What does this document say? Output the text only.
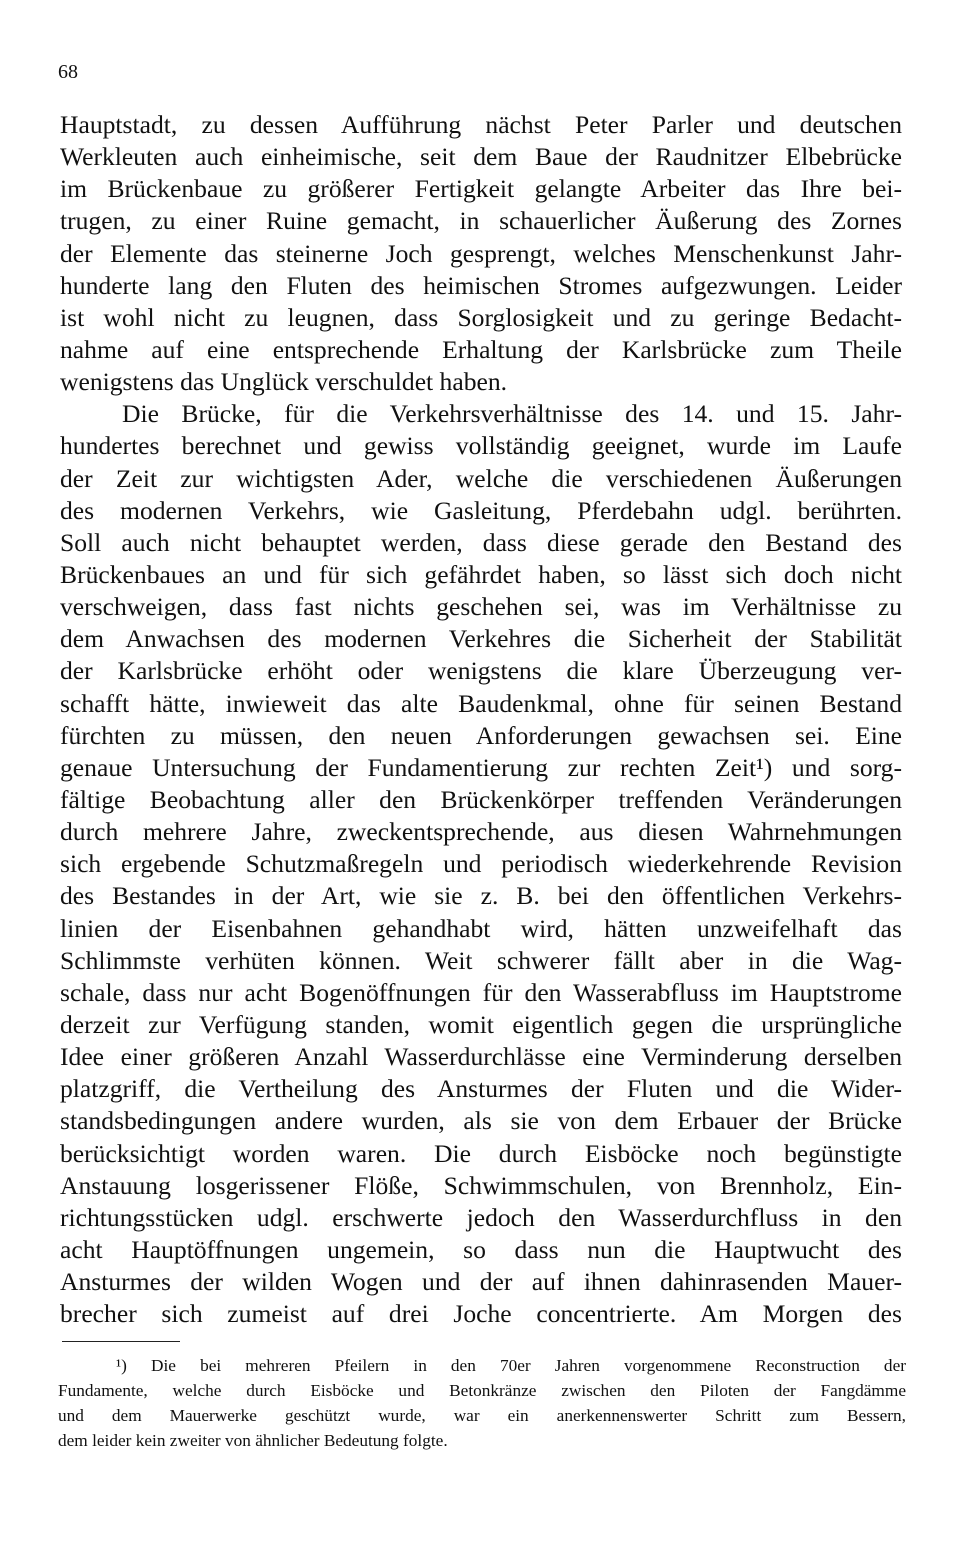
68
Hauptstadt, zu dessen Aufführung nächst Peter Parler und deutschen
Werkleuten auch einheimische, seit dem Baue der Raudnitzer Elbebrücke
im Brückenbaue zu größerer Fertigkeit gelangte Arbeiter das Ihre bei-
trugen, zu einer Ruine gemacht, in schauerlicher Äußerung des Zornes
der Elemente das steinerne Joch gesprengt, welches Menschenkunst Jahr-
hunderte lang den Fluten des heimischen Stromes aufgezwungen. Leider
ist wohl nicht zu leugnen, dass Sorglosigkeit und zu geringe Bedacht-
nahme auf eine entsprechende Erhaltung der Karlsbrücke zum Theile
wenigstens das Unglück verschuldet haben.
Die Brücke, für die Verkehrsverhältnisse des 14. und 15. Jahr-
hundertes berechnet und gewiss vollständig geeignet, wurde im Laufe
der Zeit zur wichtigsten Ader, welche die verschiedenen Äußerungen
des modernen Verkehrs, wie Gasleitung, Pferdebahn udgl. berührten.
Soll auch nicht behauptet werden, dass diese gerade den Bestand des
Brückenbaues an und für sich gefährdet haben, so lässt sich doch nicht
verschweigen, dass fast nichts geschehen sei, was im Verhältnisse zu
dem Anwachsen des modernen Verkehres die Sicherheit der Stabilität
der Karlsbrücke erhöht oder wenigstens die klare Überzeugung ver-
schafft hätte, inwieweit das alte Baudenkmal, ohne für seinen Bestand
fürchten zu müssen, den neuen Anforderungen gewachsen sei. Eine
genaue Untersuchung der Fundamentierung zur rechten Zeit¹) und sorg-
fältige Beobachtung aller den Brückenkörper treffenden Veränderungen
durch mehrere Jahre, zweckentsprechende, aus diesen Wahrnehmungen
sich ergebende Schutzmaßregeln und periodisch wiederkehrende Revision
des Bestandes in der Art, wie sie z. B. bei den öffentlichen Verkehrs-
linien der Eisenbahnen gehandhabt wird, hätten unzweifelhaft das
Schlimmste verhüten können. Weit schwerer fällt aber in die Wag-
schale, dass nur acht Bogenöffnungen für den Wasserabfluss im Hauptstrome
derzeit zur Verfügung standen, womit eigentlich gegen die ursprüngliche
Idee einer größeren Anzahl Wasserdurchlässe eine Verminderung derselben
platzgriff, die Vertheilung des Ansturmes der Fluten und die Wider-
standsbedingungen andere wurden, als sie von dem Erbauer der Brücke
berücksichtigt worden waren. Die durch Eisböcke noch begünstigte
Anstauung losgerissener Flöße, Schwimmschulen, von Brennholz, Ein-
richtungsstücken udgl. erschwerte jedoch den Wasserdurchfluss in den
acht Hauptöffnungen ungemein, so dass nun die Hauptwucht des
Ansturmes der wilden Wogen und der auf ihnen dahinrasenden Mauer-
brecher sich zumeist auf drei Joche concentrierte. Am Morgen des
¹) Die bei mehreren Pfeilern in den 70er Jahren vorgenommene Reconstruction der
Fundamente, welche durch Eisböcke und Betonkränze zwischen den Piloten der Fangdämme
und dem Mauerwerke geschützt wurde, war ein anerkennenswerter Schritt zum Bessern,
dem leider kein zweiter von ähnlicher Bedeutung folgte.
